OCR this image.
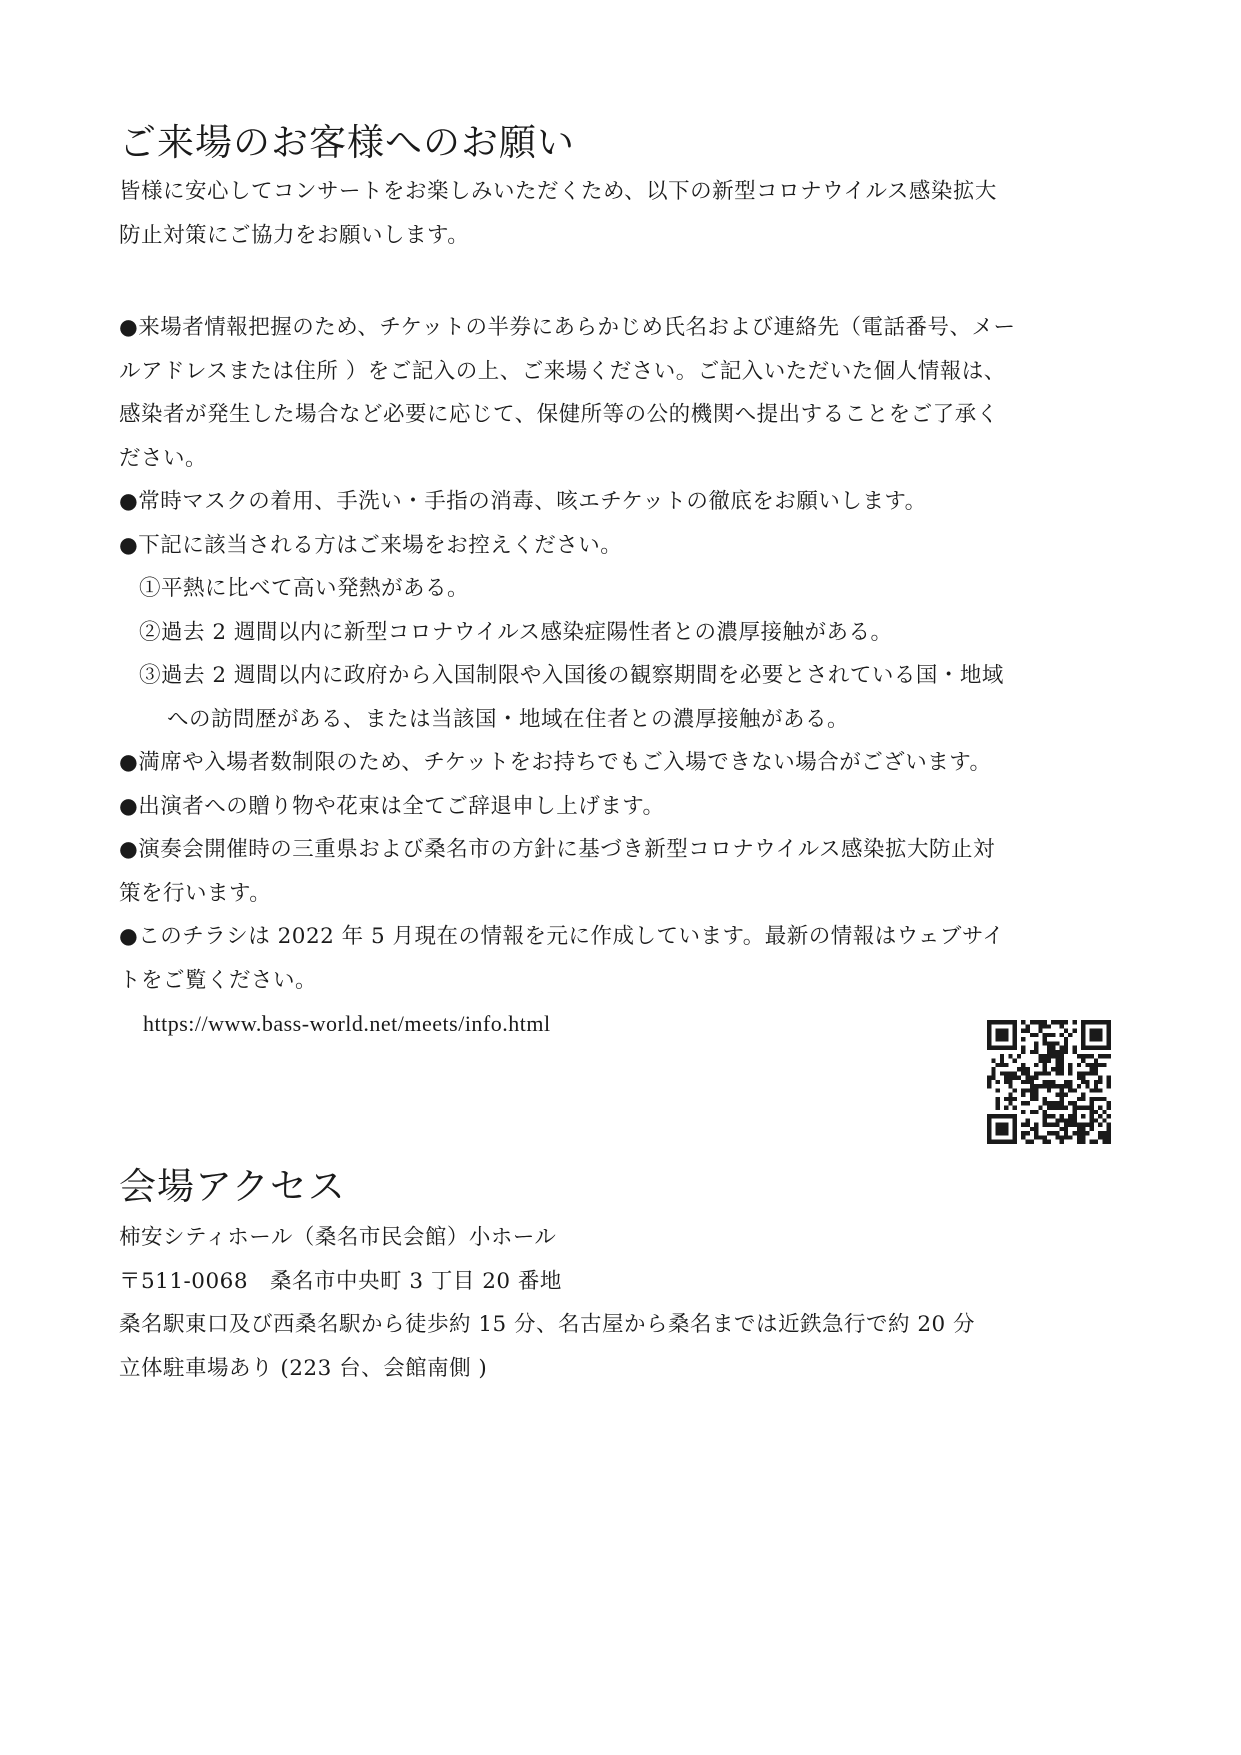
ご来場のお客様へのお願い
皆様に安心してコンサートをお楽しみいただくため、以下の新型コロナウイルス感染拡大
防止対策にご協力をお願いします。
●来場者情報把握のため、チケットの半券にあらかじめ氏名および連絡先（電話番号、メー
ルアドレスまたは住所 ）をご記入の上、ご来場ください。ご記入いただいた個人情報は、
感染者が発生した場合など必要に応じて、保健所等の公的機関へ提出することをご了承く
ださい。
●常時マスクの着用、手洗い・手指の消毒、咳エチケットの徹底をお願いします。
●下記に該当される方はご来場をお控えください。
①平熱に比べて高い発熱がある。
②過去 2 週間以内に新型コロナウイルス感染症陽性者との濃厚接触がある。
③過去 2 週間以内に政府から入国制限や入国後の観察期間を必要とされている国・地域
への訪問歴がある、または当該国・地域在住者との濃厚接触がある。
●満席や入場者数制限のため、チケットをお持ちでもご入場できない場合がございます。
●出演者への贈り物や花束は全てご辞退申し上げます。
●演奏会開催時の三重県および桑名市の方針に基づき新型コロナウイルス感染拡大防止対
策を行います。
●このチラシは 2022 年 5 月現在の情報を元に作成しています。最新の情報はウェブサイ
トをご覧ください。
https://www.bass-world.net/meets/info.html
会場アクセス
柿安シティホール（桑名市民会館）小ホール
〒511-0068　桑名市中央町 3 丁目 20 番地
桑名駅東口及び西桑名駅から徒歩約 15 分、名古屋から桑名までは近鉄急行で約 20 分
立体駐車場あり (223 台、会館南側 )
